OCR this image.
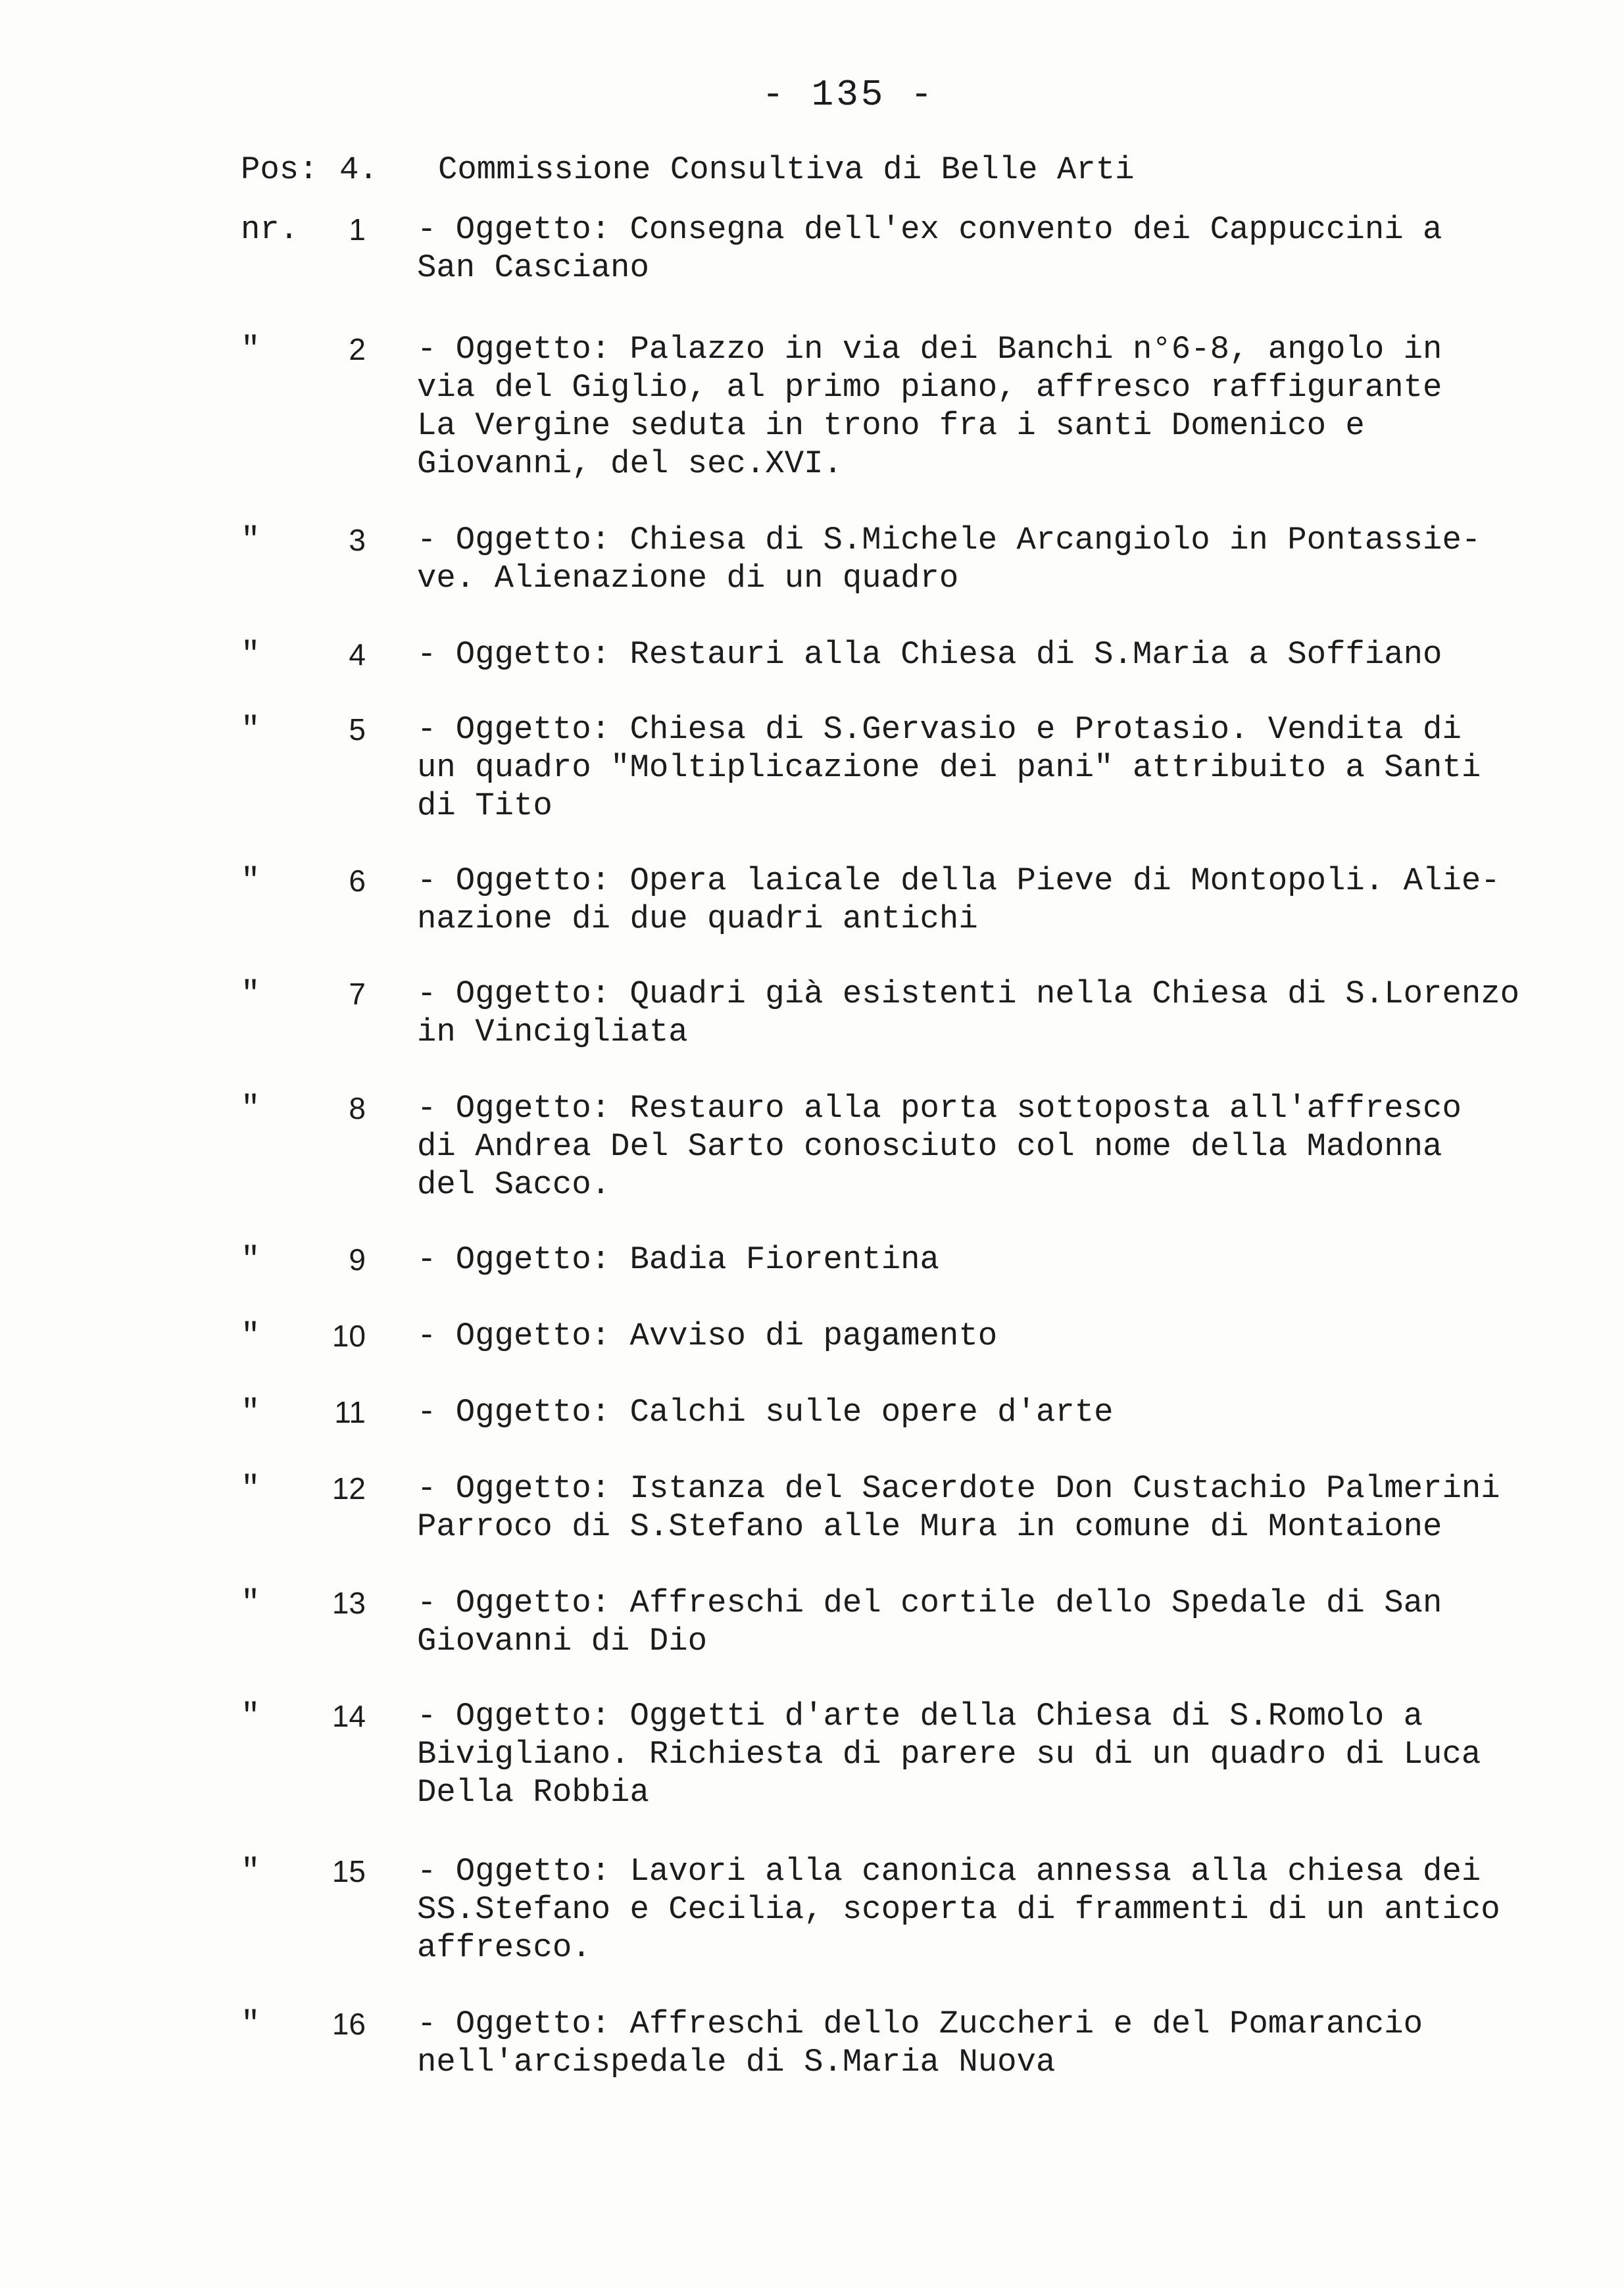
- 135 -
Pos: 4. Commissione Consultiva di Belle Arti
nr.	1 - Oggetto: Consegna dell'ex convento dei Cappuccini a
San Casciano
"	2 - Oggetto: Palazzo in via dei Banchi n°6-8, angolo in
via del Giglio, al primo piano, affresco raffigurante
La Vergine seduta in trono fra i santi Domenico e
Giovanni, del sec.XVI.
"	3 - Oggetto: Chiesa di S.Michele Arcangiolo in Pontassie-
ve. Alienazione di un quadro
"	4 - Oggetto: Restauri alla Chiesa di S.Maria a Soffiano
"	5 - Oggetto: Chiesa di S.Gervasio e Protasio. Vendita di
un quadro "Moltiplicazione dei pani" attribuito a Santi
di Tito
"	6 - Oggetto: Opera laicale della Pieve di Montopoli. Alie-
nazione di due quadri antichi
"	7 - Oggetto: Quadri già esistenti nella Chiesa di S.Lorenzo
in Vincigliata
"	8 - Oggetto: Restauro alla porta sottoposta all'affresco
di Andrea Del Sarto conosciuto col nome della Madonna
del Sacco.
"	9 - Oggetto: Badia Fiorentina
"	10 - Oggetto: Avviso di pagamento
"	11 - Oggetto: Calchi sulle opere d'arte
"	12 - Oggetto: Istanza del Sacerdote Don Custachio Palmerini
Parroco di S.Stefano alle Mura in comune di Montaione
"	13 - Oggetto: Affreschi del cortile dello Spedale di San
Giovanni di Dio
"	14 - Oggetto: Oggetti d'arte della Chiesa di S.Romolo a
Bivigliano. Richiesta di parere su di un quadro di Luca
Della Robbia
"	15 - Oggetto: Lavori alla canonica annessa alla chiesa dei
SS.Stefano e Cecilia, scoperta di frammenti di un antico
affresco.
"	16 - Oggetto: Affreschi dello Zuccheri e del Pomarancio
nell'arcispedale di S.Maria Nuova
